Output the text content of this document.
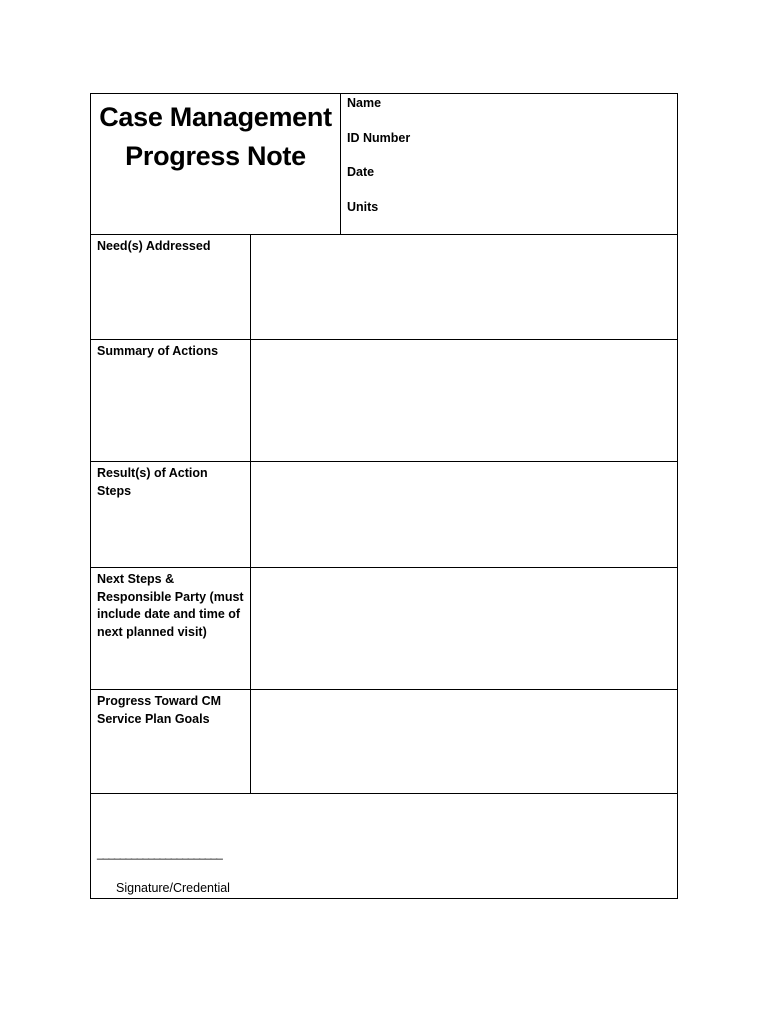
Case Management
Progress Note
Name
ID Number
Date
Units
Need(s) Addressed
Summary of Actions
Result(s) of Action Steps
Next Steps & Responsible Party (must include date and time of next planned visit)
Progress Toward CM Service Plan Goals
______________________
Signature/Credential
